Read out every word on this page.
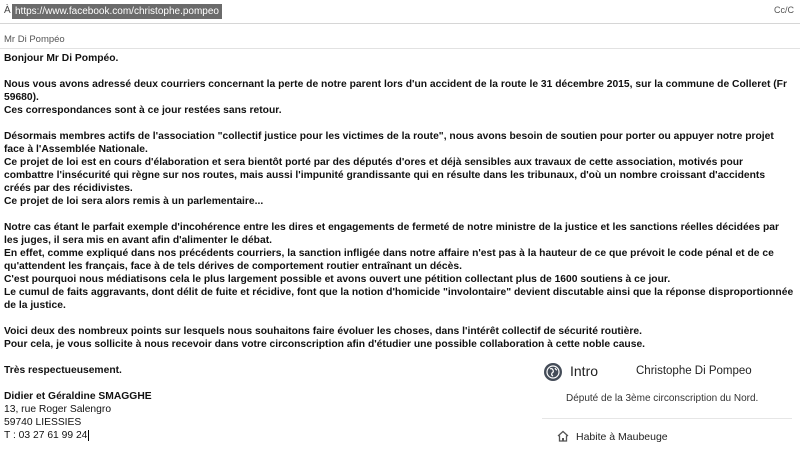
À https://www.facebook.com/christophe.pompeo	Cc/C
Mr Di Pompéo

Bonjour Mr Di Pompéo.

Nous vous avons adressé deux courriers concernant la perte de notre parent lors d'un accident de la route le 31 décembre 2015, sur la commune de Colleret (Fr 59680).

Ces correspondances sont à ce jour restées sans retour.

Désormais membres actifs de l'association "collectif justice pour les victimes de la route", nous avons besoin de soutien pour porter ou appuyer notre projet face à l'Assemblée Nationale.

Ce projet de loi est en cours d'élaboration et sera bientôt porté par des députés d'ores et déjà sensibles aux travaux de cette association, motivés pour combattre l'insécurité qui règne sur nos routes, mais aussi l'impunité grandissante qui en résulte dans les tribunaux, d'où un nombre croissant d'accidents créés par des récidivistes.

Ce projet de loi sera alors remis à un parlementaire...

Notre cas étant le parfait exemple d'incohérence entre les dires et engagements de fermeté de notre ministre de la justice et les sanctions réelles décidées par les juges, il sera mis en avant afin d'alimenter le débat.

En effet, comme expliqué dans nos précédents courriers, la sanction infligée dans notre affaire n'est pas à la hauteur de ce que prévoit le code pénal et de ce qu'attendent les français, face à de tels dérives de comportement routier entraînant un décès.

C'est pourquoi nous médiatisons cela le plus largement possible et avons ouvert une pétition collectant plus de 1600 soutiens à ce jour.

Le cumul de faits aggravants, dont délit de fuite et récidive, font que la notion d'homicide "involontaire" devient discutable ainsi que la réponse disproportionnée de la justice.

Voici deux des nombreux points sur lesquels nous souhaitons faire évoluer les choses, dans l'intérêt collectif de sécurité routière.

Pour cela, je vous sollicite à nous recevoir dans votre circonscription afin d'étudier une possible collaboration à cette noble cause.

Très respectueusement.

Didier et Géraldine SMAGGHE

13, rue Roger Salengro

59740 LIESSIES

T : 03 27 61 99 24

Intro	Christophe Di Pompeo
Député de la 3ème circonscription du Nord.
Habite à Maubeuge
